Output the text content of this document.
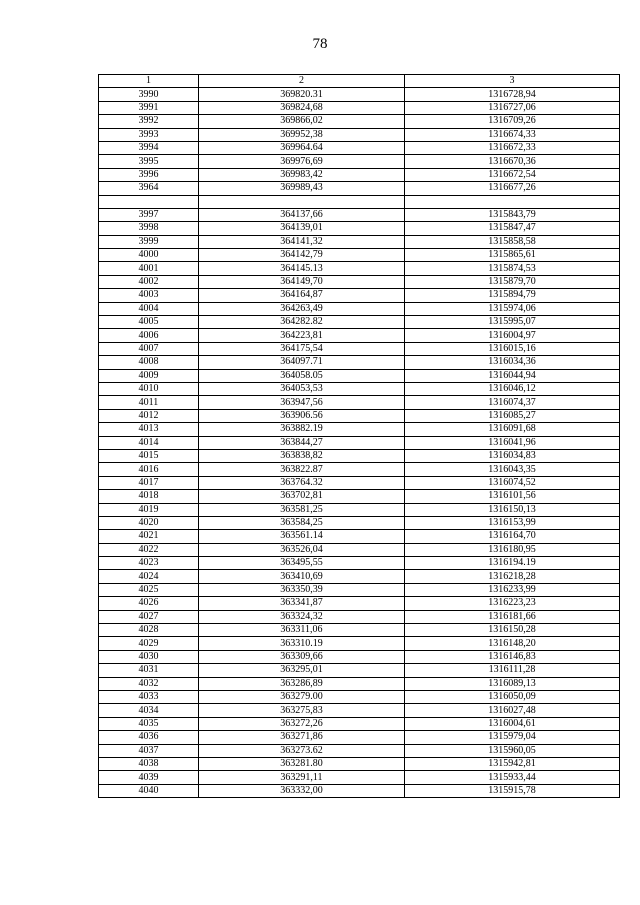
78
1	2	3
3990	369820.31	1316728,94
3991	369824,68	1316727,06
3992	369866,02	1316709,26
3993	369952,38	1316674,33
3994	369964.64	1316672,33
3995	369976,69	1316670,36
3996	369983,42	1316672,54
3964	369989,43	1316677,26

3997	364137,66	1315843,79
3998	364139,01	1315847,47
3999	364141,32	1315858,58
4000	364142,79	1315865,61
4001	364145.13	1315874,53
4002	364149,70	1315879,70
4003	364164,87	1315894,79
4004	364263,49	1315974,06
4005	364282.82	1315995,07
4006	364223,81	1316004,97
4007	364175,54	1316015,16
4008	364097.71	1316034,36
4009	364058.05	1316044,94
4010	364053,53	1316046,12
4011	363947,56	1316074,37
4012	363906.56	1316085,27
4013	363882.19	1316091,68
4014	363844,27	1316041,96
4015	363838,82	1316034,83
4016	363822.87	1316043,35
4017	363764.32	1316074,52
4018	363702,81	1316101,56
4019	363581,25	1316150,13
4020	363584,25	1316153,99
4021	363561.14	1316164,70
4022	363526,04	1316180,95
4023	363495,55	1316194.19
4024	363410,69	1316218,28
4025	363350,39	1316233,99
4026	363341,87	1316223,23
4027	363324,32	1316181,66
4028	363311,06	1316150,28
4029	363310.19	1316148,20
4030	363309,66	1316146,83
4031	363295,01	1316111,28
4032	363286,89	1316089,13
4033	363279.00	1316050,09
4034	363275,83	1316027,48
4035	363272,26	1316004,61
4036	363271,86	1315979,04
4037	363273.62	1315960,05
4038	363281.80	1315942,81
4039	363291,11	1315933,44
4040	363332,00	1315915,78
